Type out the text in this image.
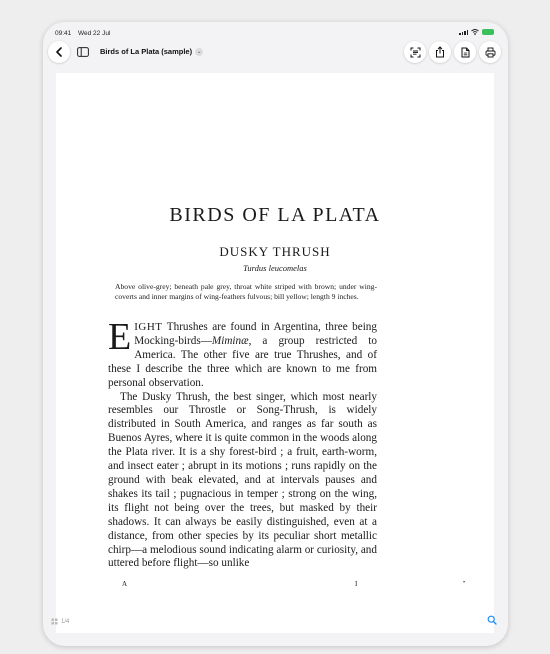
09:41 Wed 22 Jul
Birds of La Plata (sample) ⌄
BIRDS OF LA PLATA
DUSKY THRUSH
Turdus leucomelas
Above olive-grey; beneath pale grey, throat white striped with brown; under wing-coverts and inner margins of wing-feathers fulvous; bill yellow; length 9 inches.

EIGHT Thrushes are found in Argentina, three being Mocking-birds—Miminæ, a group restricted to America. The other five are true Thrushes, and of these I describe the three which are known to me from personal observation.

The Dusky Thrush, the best singer, which most nearly resembles our Throstle or Song-Thrush, is widely distributed in South America, and ranges as far south as Buenos Ayres, where it is quite common in the woods along the Plata river. It is a shy forest-bird ; a fruit, earth-worm, and insect eater ; abrupt in its motions ; runs rapidly on the ground with beak elevated, and at intervals pauses and shakes its tail ; pugnacious in temper ; strong on the wing, its flight not being over the trees, but masked by their shadows. It can always be easily distinguished, even at a distance, from other species by its peculiar short metallic chirp—a melodious sound indicating alarm or curiosity, and uttered before flight—so unlike

A	I	•
1/4
